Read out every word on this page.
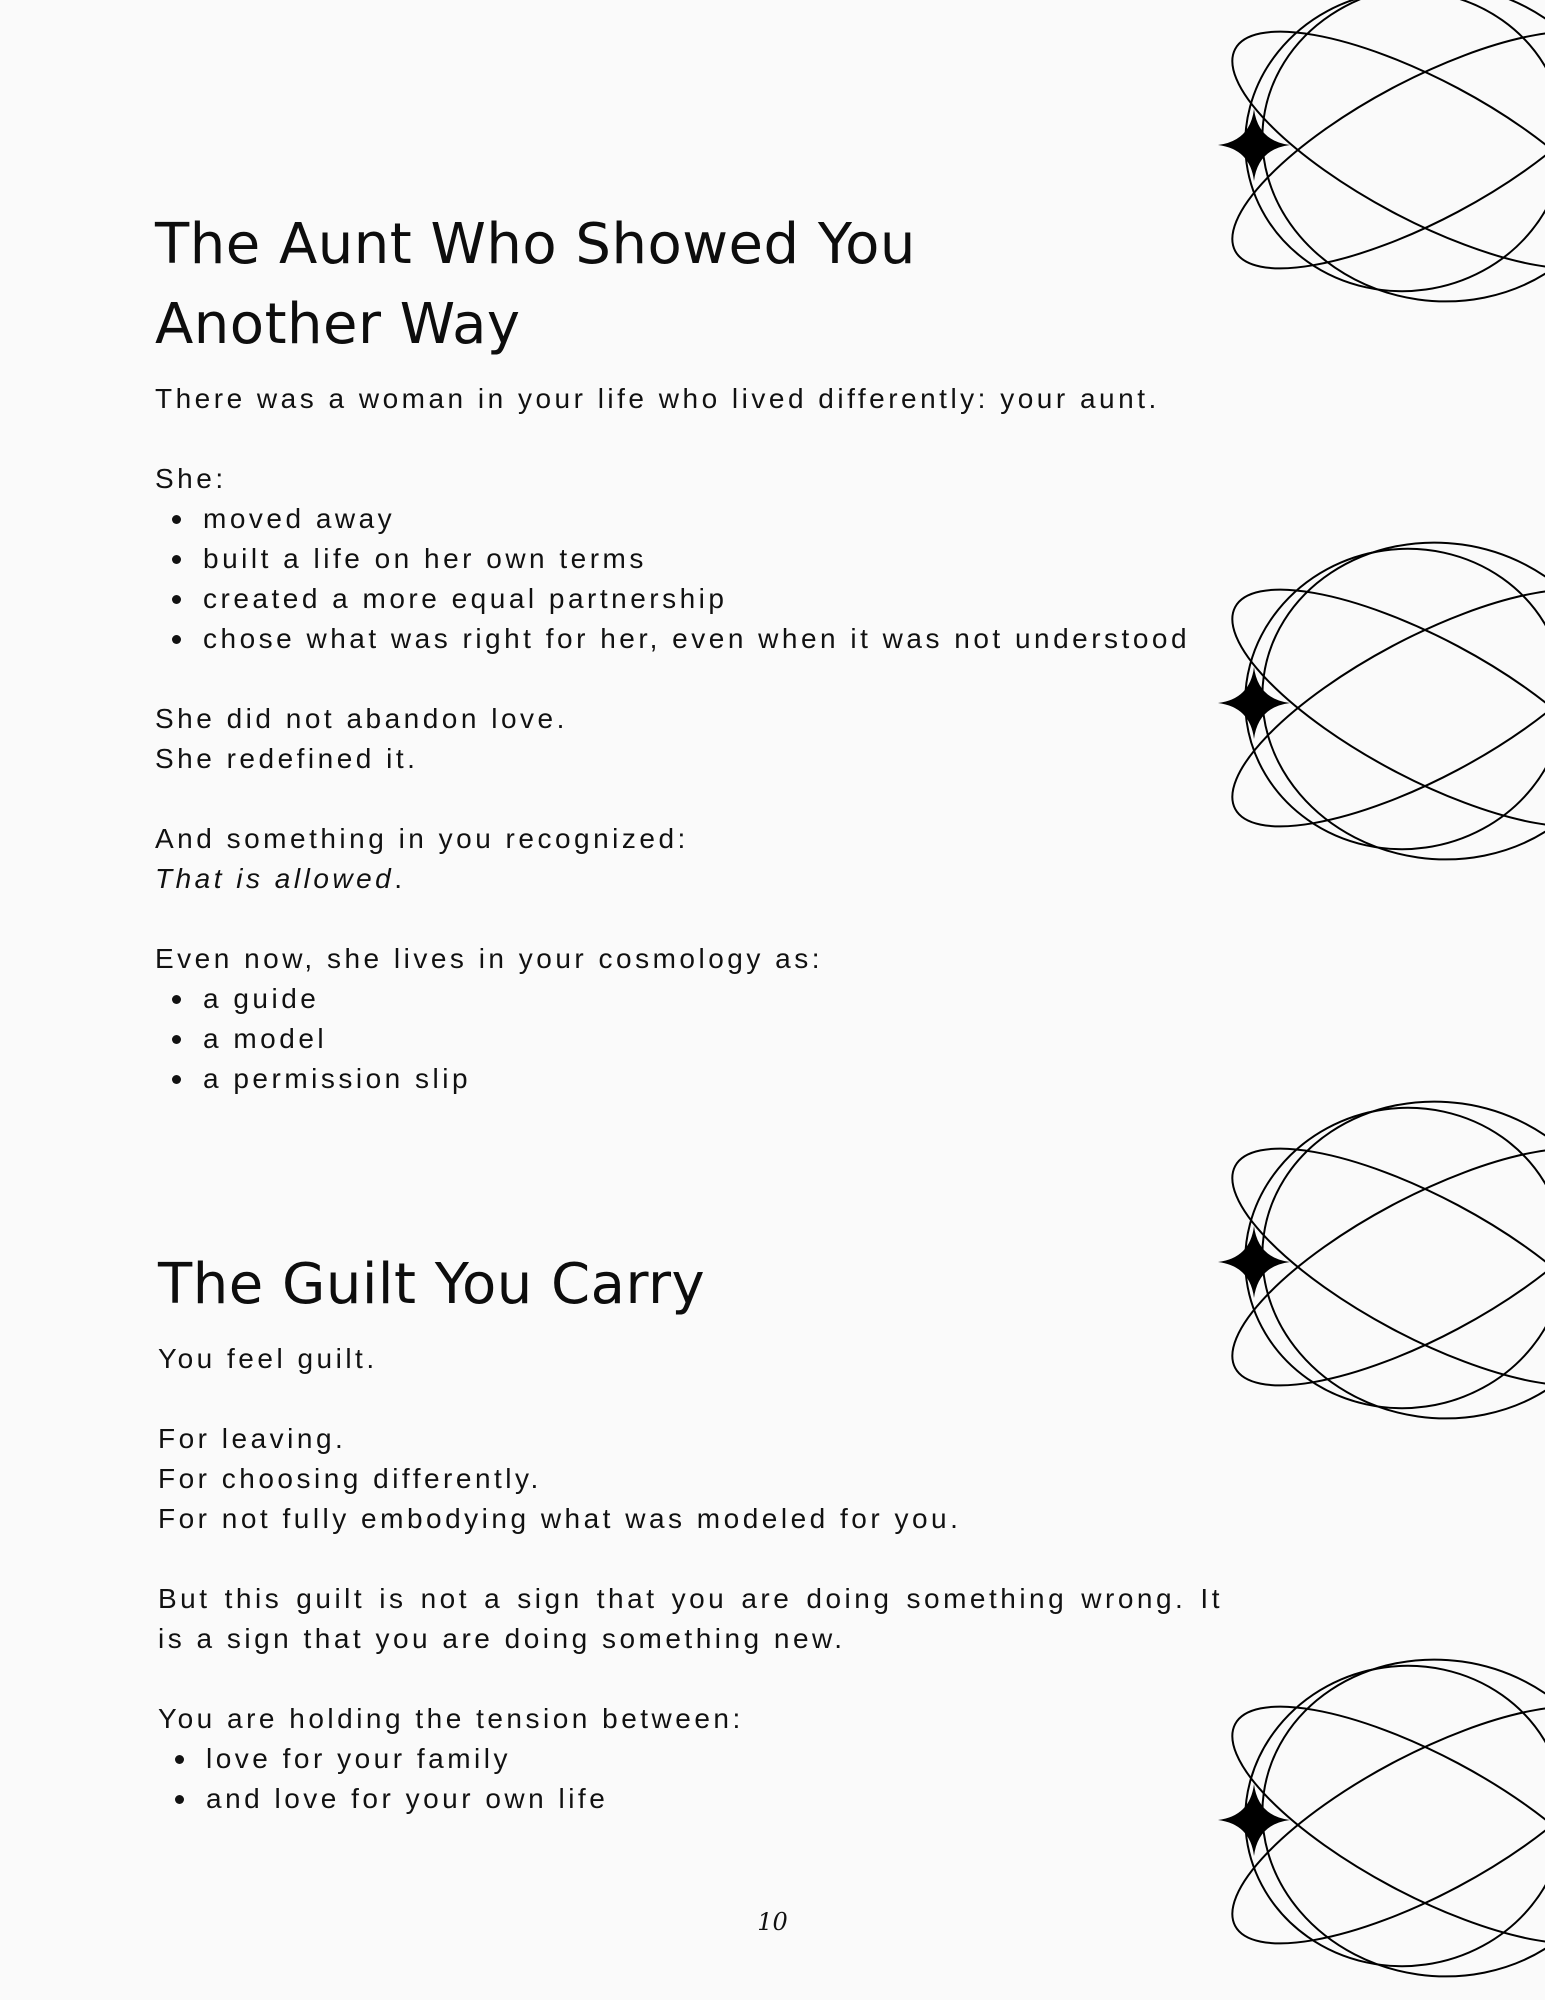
The Aunt Who Showed You
Another Way

There was a woman in your life who lived differently: your aunt.

She:

moved away
built a life on her own terms
created a more equal partnership
chose what was right for her, even when it was not understood

She did not abandon love.

She redefined it.

And something in you recognized:

That is allowed.

Even now, she lives in your cosmology as:

a guide
a model
a permission slip
The Guilt You Carry

You feel guilt.

For leaving.

For choosing differently.

For not fully embodying what was modeled for you.

But this guilt is not a sign that you are doing something wrong. It is a sign that you are doing something new.

You are holding the tension between:

love for your family
and love for your own life
10
